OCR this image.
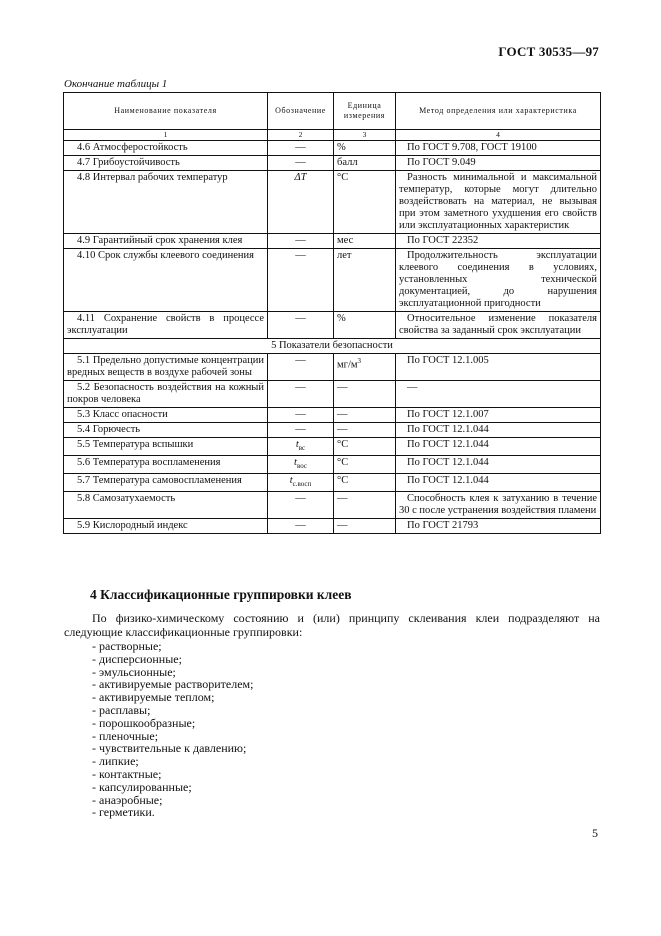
ГОСТ 30535—97
Окончание таблицы 1
Наименование показателя	Обозначение	Единица измерения	Метод определения или характеристика
1	2	3	4
4.6 Атмосферостойкость	—	%	По ГОСТ 9.708, ГОСТ 19100
4.7 Грибоустойчивость	—	балл	По ГОСТ 9.049
4.8 Интервал рабочих температур	ΔT	°C	Разность минимальной и максимальной температур, которые могут длительно воздействовать на материал, не вызывая при этом заметного ухудшения его свойств или эксплуатационных характеристик
4.9 Гарантийный срок хранения клея	—	мес	По ГОСТ 22352
4.10 Срок службы клеевого соединения	—	лет	Продолжительность эксплуатации клеевого соединения в условиях, установленных технической документацией, до нарушения эксплуатационной пригодности
4.11 Сохранение свойств в процессе эксплуатации	—	%	Относительное изменение показателя свойства за заданный срок эксплуатации
5 Показатели безопасности			
5.1 Предельно допустимые концентрации вредных веществ в воздухе рабочей зоны	—	$мг/м^3$	По ГОСТ 12.1.005
5.2 Безопасность воздействия на кожный покров человека	—	—	—
5.3 Класс опасности	—	—	По ГОСТ 12.1.007
5.4 Горючесть	—	—	По ГОСТ 12.1.044
5.5 Температура вспышки	$t_{вс}$	°C	По ГОСТ 12.1.044
5.6 Температура воспламенения	$t_{вос}$	°C	По ГОСТ 12.1.044
5.7 Температура самовоспламенения	$t_{с.восп}$	°C	По ГОСТ 12.1.044
5.8 Самозатухаемость	—	—	Способность клея к затуханию в течение 30 с после устранения воздействия пламени
5.9 Кислородный индекс	—	—	По ГОСТ 21793
4 Классификационные группировки клеев
По физико-химическому состоянию и (или) принципу склеивания клеи подразделяют на следующие классификационные группировки:
- растворные;
- дисперсионные;
- эмульсионные;
- активируемые растворителем;
- активируемые теплом;
- расплавы;
- порошкообразные;
- пленочные;
- чувствительные к давлению;
- липкие;
- контактные;
- капсулированные;
- анаэробные;
- герметики.
5
